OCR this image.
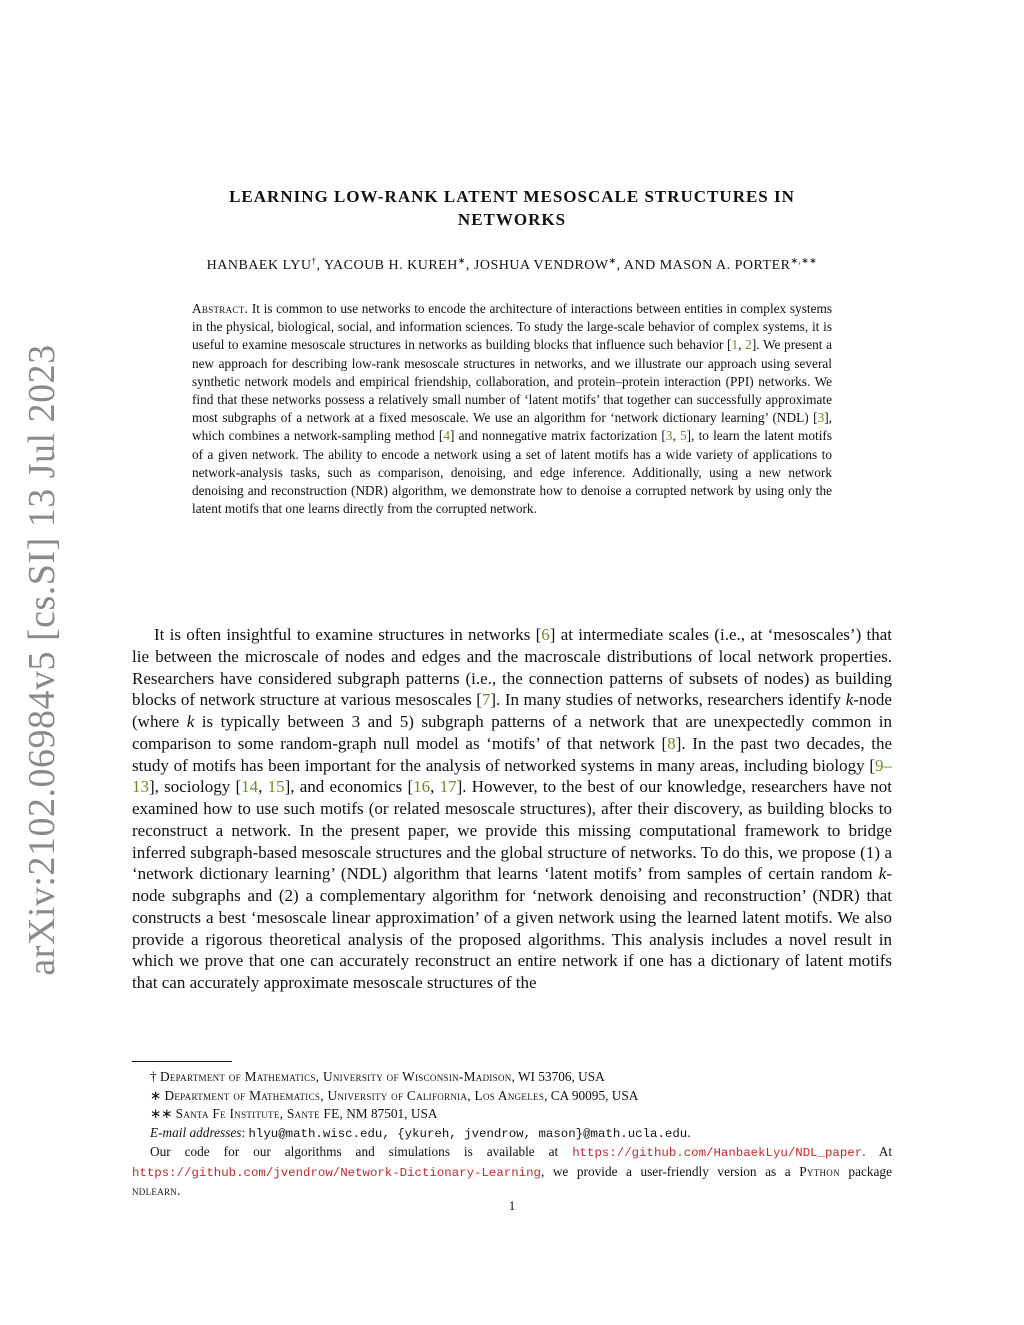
arXiv:2102.06984v5 [cs.SI] 13 Jul 2023
LEARNING LOW-RANK LATENT MESOSCALE STRUCTURES IN
NETWORKS
HANBAEK LYU†, YACOUB H. KUREH∗, JOSHUA VENDROW∗, AND MASON A. PORTER∗,∗∗
Abstract. It is common to use networks to encode the architecture of interactions between entities in complex systems in the physical, biological, social, and information sciences. To study the large-scale behavior of complex systems, it is useful to examine mesoscale structures in networks as building blocks that influence such behavior [1, 2]. We present a new approach for describing low-rank mesoscale structures in networks, and we illustrate our approach using several synthetic network models and empirical friendship, collaboration, and protein–protein interaction (PPI) networks. We find that these networks possess a relatively small number of ‘latent motifs’ that together can successfully approximate most subgraphs of a network at a fixed mesoscale. We use an algorithm for ‘network dictionary learning’ (NDL) [3], which combines a network-sampling method [4] and nonnegative matrix factorization [3, 5], to learn the latent motifs of a given network. The ability to encode a network using a set of latent motifs has a wide variety of applications to network-analysis tasks, such as comparison, denoising, and edge inference. Additionally, using a new network denoising and reconstruction (NDR) algorithm, we demonstrate how to denoise a corrupted network by using only the latent motifs that one learns directly from the corrupted network.

It is often insightful to examine structures in networks [6] at intermediate scales (i.e., at ‘mesoscales’) that lie between the microscale of nodes and edges and the macroscale distributions of local network properties. Researchers have considered subgraph patterns (i.e., the connection patterns of subsets of nodes) as building blocks of network structure at various mesoscales [7]. In many studies of networks, researchers identify k-node (where k is typically between 3 and 5) subgraph patterns of a network that are unexpectedly common in comparison to some random-graph null model as ‘motifs’ of that network [8]. In the past two decades, the study of motifs has been important for the analysis of networked systems in many areas, including biology [9–13], sociology [14, 15], and economics [16, 17]. However, to the best of our knowledge, researchers have not examined how to use such motifs (or related mesoscale structures), after their discovery, as building blocks to reconstruct a network. In the present paper, we provide this missing computational framework to bridge inferred subgraph-based mesoscale structures and the global structure of networks. To do this, we propose (1) a ‘network dictionary learning’ (NDL) algorithm that learns ‘latent motifs’ from samples of certain random k-node subgraphs and (2) a complementary algorithm for ‘network denoising and reconstruction’ (NDR) that constructs a best ‘mesoscale linear approximation’ of a given network using the learned latent motifs. We also provide a rigorous theoretical analysis of the proposed algorithms. This analysis includes a novel result in which we prove that one can accurately reconstruct an entire network if one has a dictionary of latent motifs that can accurately approximate mesoscale structures of the

† Department of Mathematics, University of Wisconsin-Madison, WI 53706, USA

∗ Department of Mathematics, University of California, Los Angeles, CA 90095, USA

∗∗ Santa Fe Institute, Sante FE, NM 87501, USA

E-mail addresses: hlyu@math.wisc.edu, {ykureh, jvendrow, mason}@math.ucla.edu.

Our code for our algorithms and simulations is available at https://github.com/HanbaekLyu/NDL_paper. At https://github.com/jvendrow/Network-Dictionary-Learning, we provide a user-friendly version as a Python package ndlearn.

1
